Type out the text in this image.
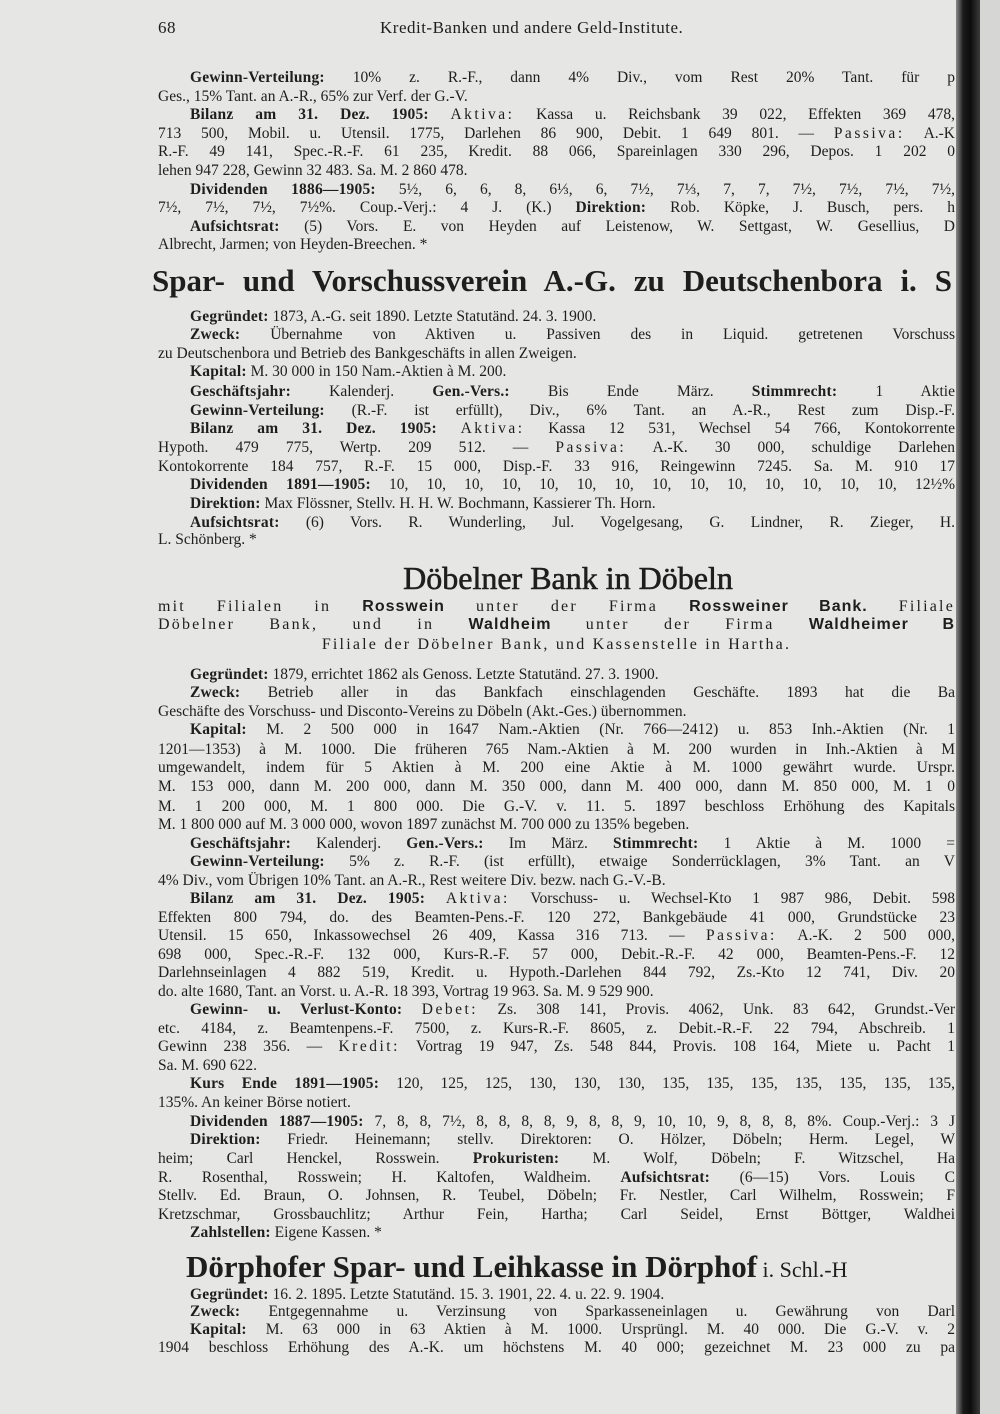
68	Kredit-Banken und andere Geld-Institute.
Spar- und Vorschussverein A.-G. zu Deutschenbora i. S
Döbelner Bank in Döbeln
Dörphofer Spar- und Leihkasse in Dörphof i. Schl.-H
Gewinn-Verteilung: 10% z. R.-F., dann 4% Div., vom Rest 20% Tant. für p
Ges., 15% Tant. an A.-R., 65% zur Verf. der G.-V.
Bilanz am 31. Dez. 1905: Aktiva: Kassa u. Reichsbank 39 022, Effekten 369 478,
713 500, Mobil. u. Utensil. 1775, Darlehen 86 900, Debit. 1 649 801. — Passiva: A.-K
R.-F. 49 141, Spec.-R.-F. 61 235, Kredit. 88 066, Spareinlagen 330 296, Depos. 1 202 0
lehen 947 228, Gewinn 32 483. Sa. M. 2 860 478.
Dividenden 1886—1905: 5½, 6, 6, 8, 6⅓, 6, 7½, 7⅓, 7, 7, 7½, 7½, 7½, 7½,
7½, 7½, 7½, 7½%. Coup.-Verj.: 4 J. (K.) Direktion: Rob. Köpke, J. Busch, pers. h
Aufsichtsrat: (5) Vors. E. von Heyden auf Leistenow, W. Settgast, W. Gesellius, D
Albrecht, Jarmen; von Heyden-Breechen. *
Gegründet: 1873, A.-G. seit 1890. Letzte Statutänd. 24. 3. 1900.
Zweck: Übernahme von Aktiven u. Passiven des in Liquid. getretenen Vorschuss
zu Deutschenbora und Betrieb des Bankgeschäfts in allen Zweigen.
Kapital: M. 30 000 in 150 Nam.-Aktien à M. 200.
Geschäftsjahr: Kalenderj. Gen.-Vers.: Bis Ende März. Stimmrecht: 1 Aktie
Gewinn-Verteilung: (R.-F. ist erfüllt), Div., 6% Tant. an A.-R., Rest zum Disp.-F.
Bilanz am 31. Dez. 1905: Aktiva: Kassa 12 531, Wechsel 54 766, Kontokorrente
Hypoth. 479 775, Wertp. 209 512. — Passiva: A.-K. 30 000, schuldige Darlehen
Kontokorrente 184 757, R.-F. 15 000, Disp.-F. 33 916, Reingewinn 7245. Sa. M. 910 17
Dividenden 1891—1905: 10, 10, 10, 10, 10, 10, 10, 10, 10, 10, 10, 10, 10, 10, 12½%
Direktion: Max Flössner, Stellv. H. H. W. Bochmann, Kassierer Th. Horn.
Aufsichtsrat: (6) Vors. R. Wunderling, Jul. Vogelgesang, G. Lindner, R. Zieger, H.
L. Schönberg. *
Gegründet: 1879, errichtet 1862 als Genoss. Letzte Statutänd. 27. 3. 1900.
Zweck: Betrieb aller in das Bankfach einschlagenden Geschäfte. 1893 hat die Ba
Geschäfte des Vorschuss- und Disconto-Vereins zu Döbeln (Akt.-Ges.) übernommen.
Kapital: M. 2 500 000 in 1647 Nam.-Aktien (Nr. 766—2412) u. 853 Inh.-Aktien (Nr. 1
1201—1353) à M. 1000. Die früheren 765 Nam.-Aktien à M. 200 wurden in Inh.-Aktien à M
umgewandelt, indem für 5 Aktien à M. 200 eine Aktie à M. 1000 gewährt wurde. Urspr.
M. 153 000, dann M. 200 000, dann M. 350 000, dann M. 400 000, dann M. 850 000, M. 1 0
M. 1 200 000, M. 1 800 000. Die G.-V. v. 11. 5. 1897 beschloss Erhöhung des Kapitals
M. 1 800 000 auf M. 3 000 000, wovon 1897 zunächst M. 700 000 zu 135% begeben.
Geschäftsjahr: Kalenderj. Gen.-Vers.: Im März. Stimmrecht: 1 Aktie à M. 1000 =
Gewinn-Verteilung: 5% z. R.-F. (ist erfüllt), etwaige Sonderrücklagen, 3% Tant. an V
4% Div., vom Übrigen 10% Tant. an A.-R., Rest weitere Div. bezw. nach G.-V.-B.
Bilanz am 31. Dez. 1905: Aktiva: Vorschuss- u. Wechsel-Kto 1 987 986, Debit. 598
Effekten 800 794, do. des Beamten-Pens.-F. 120 272, Bankgebäude 41 000, Grundstücke 23
Utensil. 15 650, Inkassowechsel 26 409, Kassa 316 713. — Passiva: A.-K. 2 500 000,
698 000, Spec.-R.-F. 132 000, Kurs-R.-F. 57 000, Debit.-R.-F. 42 000, Beamten-Pens.-F. 12
Darlehnseinlagen 4 882 519, Kredit. u. Hypoth.-Darlehen 844 792, Zs.-Kto 12 741, Div. 20
do. alte 1680, Tant. an Vorst. u. A.-R. 18 393, Vortrag 19 963. Sa. M. 9 529 900.
Gewinn- u. Verlust-Konto: Debet: Zs. 308 141, Provis. 4062, Unk. 83 642, Grundst.-Ver
etc. 4184, z. Beamtenpens.-F. 7500, z. Kurs-R.-F. 8605, z. Debit.-R.-F. 22 794, Abschreib. 1
Gewinn 238 356. — Kredit: Vortrag 19 947, Zs. 548 844, Provis. 108 164, Miete u. Pacht 1
Sa. M. 690 622.
Kurs Ende 1891—1905: 120, 125, 125, 130, 130, 130, 135, 135, 135, 135, 135, 135, 135,
135%. An keiner Börse notiert.
Dividenden 1887—1905: 7, 8, 8, 7½, 8, 8, 8, 8, 9, 8, 8, 9, 10, 10, 9, 8, 8, 8, 8%. Coup.-Verj.: 3 J
Direktion: Friedr. Heinemann; stellv. Direktoren: O. Hölzer, Döbeln; Herm. Legel, W
heim; Carl Henckel, Rosswein. Prokuristen: M. Wolf, Döbeln; F. Witzschel, Ha
R. Rosenthal, Rosswein; H. Kaltofen, Waldheim. Aufsichtsrat: (6—15) Vors. Louis C
Stellv. Ed. Braun, O. Johnsen, R. Teubel, Döbeln; Fr. Nestler, Carl Wilhelm, Rosswein; F
Kretzschmar, Grossbauchlitz; Arthur Fein, Hartha; Carl Seidel, Ernst Böttger, Waldhei
Zahlstellen: Eigene Kassen. *
mit Filialen in Rosswein unter der Firma Rossweiner Bank. Filiale
Döbelner Bank, und in Waldheim unter der Firma Waldheimer B
Filiale der Döbelner Bank, und Kassenstelle in Hartha.
Gegründet: 16. 2. 1895. Letzte Statutänd. 15. 3. 1901, 22. 4. u. 22. 9. 1904.
Zweck: Entgegennahme u. Verzinsung von Sparkasseneinlagen u. Gewährung von Darl
Kapital: M. 63 000 in 63 Aktien à M. 1000. Ursprüngl. M. 40 000. Die G.-V. v. 2
1904 beschloss Erhöhung des A.-K. um höchstens M. 40 000; gezeichnet M. 23 000 zu pa
